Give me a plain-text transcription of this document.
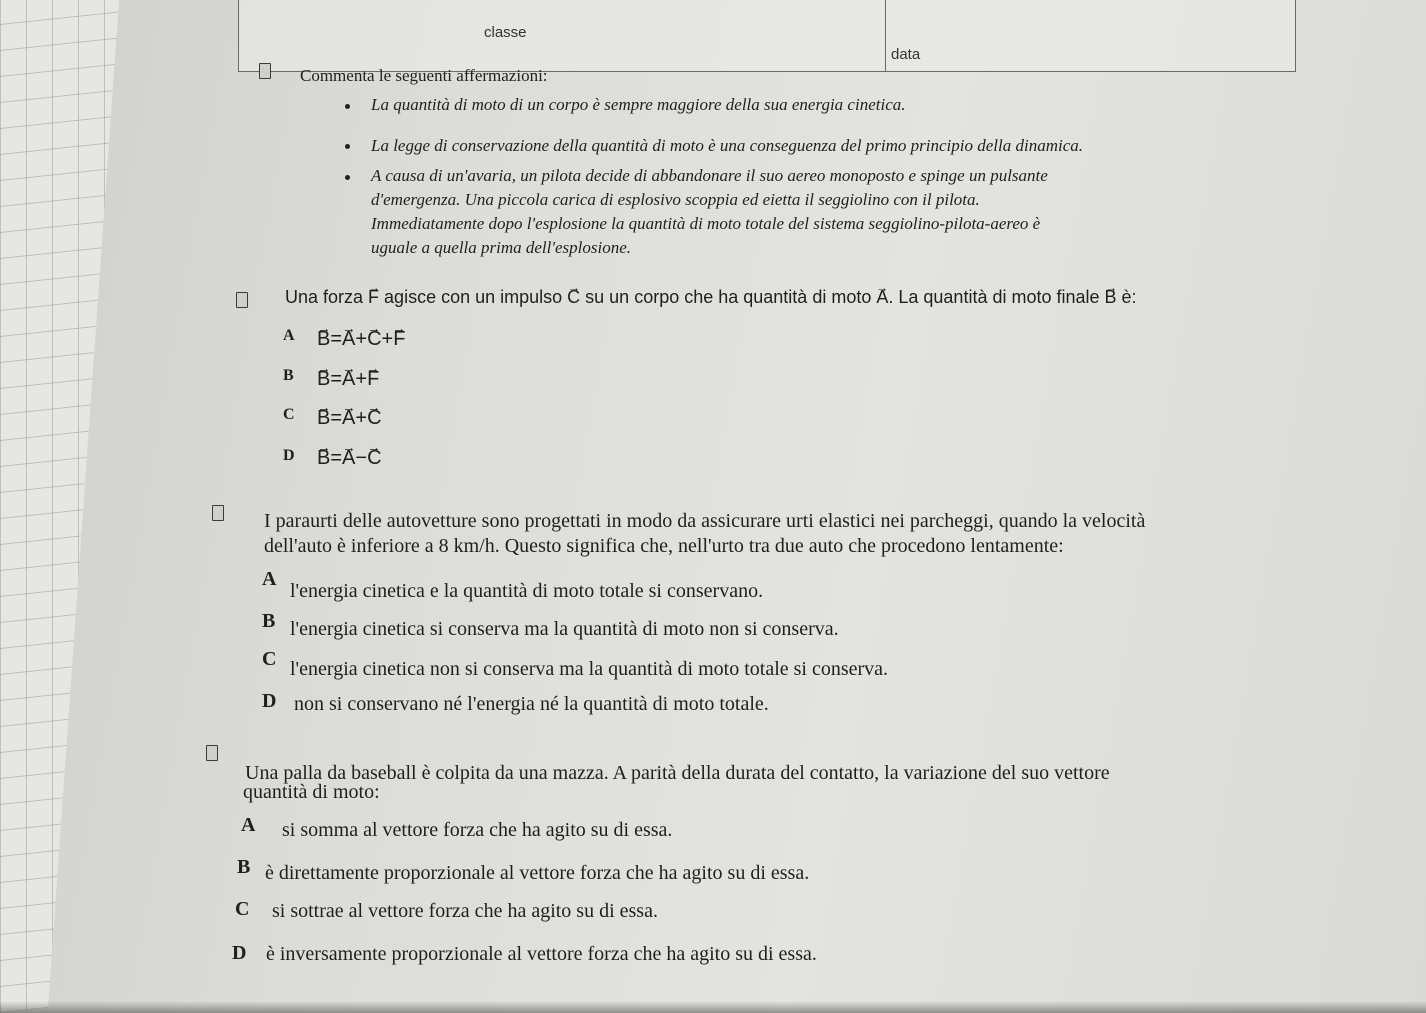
classe
data
Commenta le seguenti affermazioni:
La quantità di moto di un corpo è sempre maggiore della sua energia cinetica.
La legge di conservazione della quantità di moto è una conseguenza del primo principio della dinamica.
A causa di un'avaria, un pilota decide di abbandonare il suo aereo monoposto e spinge un pulsante
d'emergenza. Una piccola carica di esplosivo scoppia ed eietta il seggiolino con il pilota.
Immediatamente dopo l'esplosione la quantità di moto totale del sistema seggiolino-pilota-aereo è
uguale a quella prima dell'esplosione.
Una forza → F agisce con un impulso → C su un corpo che ha quantità di moto → A. La quantità di moto finale → B è:
A → B=→ A+→ C+→ F
B → B=→ A+→ F
C → B=→ A+→ C
D → B=→ A−→ C
I paraurti delle autovetture sono progettati in modo da assicurare urti elastici nei parcheggi, quando la velocità
dell'auto è inferiore a 8 km/h. Questo significa che, nell'urto tra due auto che procedono lentamente:
A
l'energia cinetica e la quantità di moto totale si conservano.
B l'energia cinetica si conserva ma la quantità di moto non si conserva.
C l'energia cinetica non si conserva ma la quantità di moto totale si conserva.
D non si conservano né l'energia né la quantità di moto totale.
Una palla da baseball è colpita da una mazza. A parità della durata del contatto, la variazione del suo vettore
quantità di moto:
A si somma al vettore forza che ha agito su di essa.
B è direttamente proporzionale al vettore forza che ha agito su di essa.
C si sottrae al vettore forza che ha agito su di essa.
D è inversamente proporzionale al vettore forza che ha agito su di essa.
